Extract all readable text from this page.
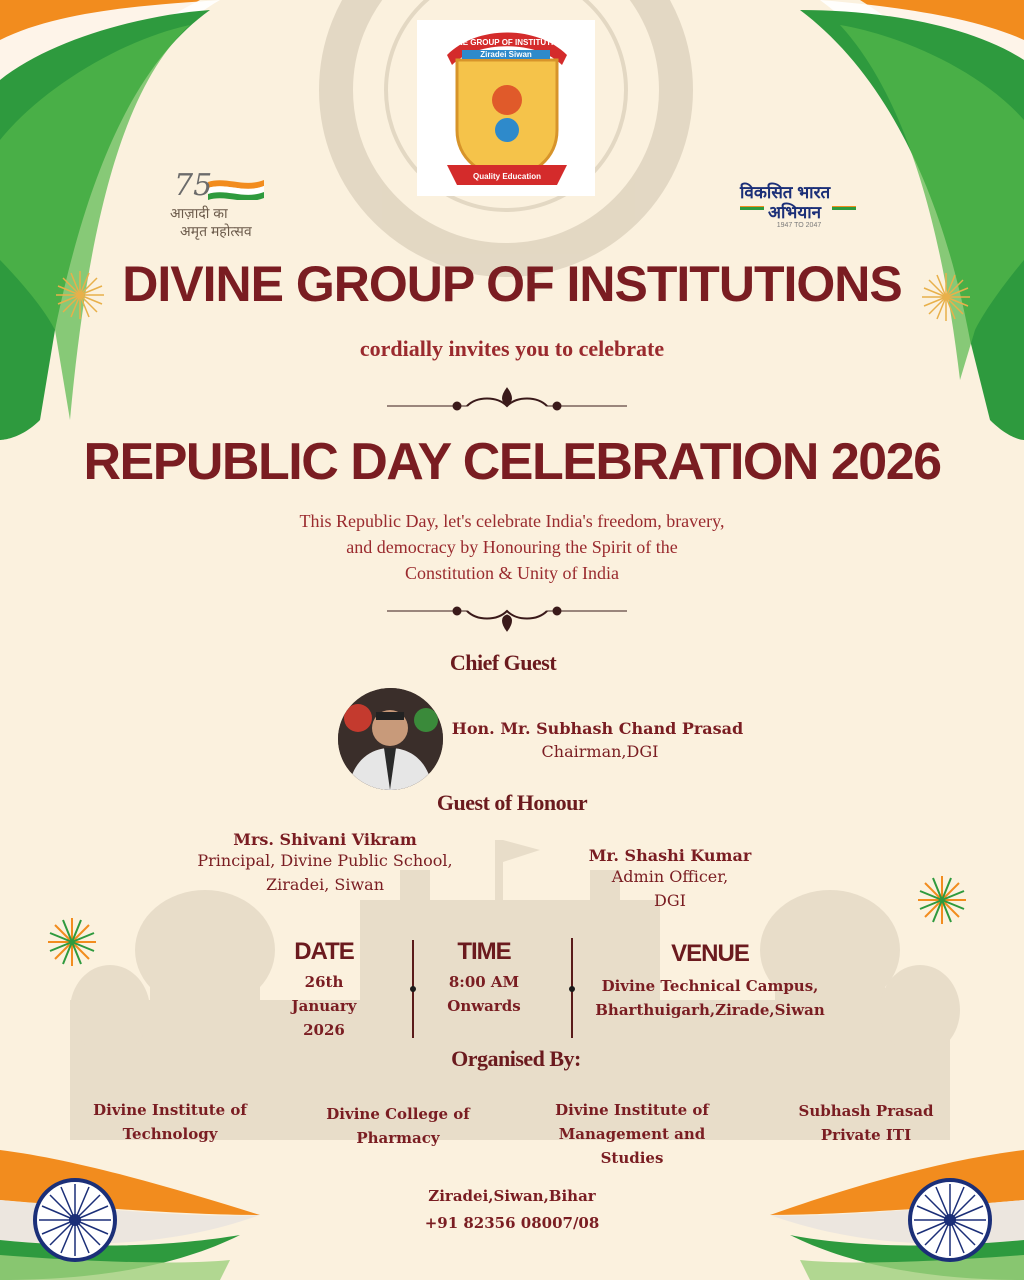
DIVINE GROUP OF INSTITUTIONS
Ziradei Siwan
Quality Education
75
आज़ादी का
अमृत महोत्सव
विकसित भारत
अभियान
1947 TO 2047
DIVINE GROUP OF INSTITUTIONS
cordially invites you to celebrate
REPUBLIC DAY CELEBRATION 2026
This Republic Day, let's celebrate India's freedom, bravery,
and democracy by Honouring the Spirit of the
Constitution & Unity of India
Chief Guest
Hon. Mr. Subhash Chand Prasad
Chairman,DGI
Guest of Honour
Mrs. Shivani Vikram
Principal, Divine Public School,
Ziradei, Siwan
Mr. Shashi Kumar
Admin Officer,
DGI
DATE
26th
January
2026
TIME
8:00 AM
Onwards
VENUE
Divine Technical Campus,
Bharthuigarh,Zirade,Siwan
Organised By:
Divine Institute of
Technology
Divine College of
Pharmacy
Divine Institute of
Management and
Studies
Subhash Prasad
Private ITI
Ziradei,Siwan,Bihar
+91 82356 08007/08
